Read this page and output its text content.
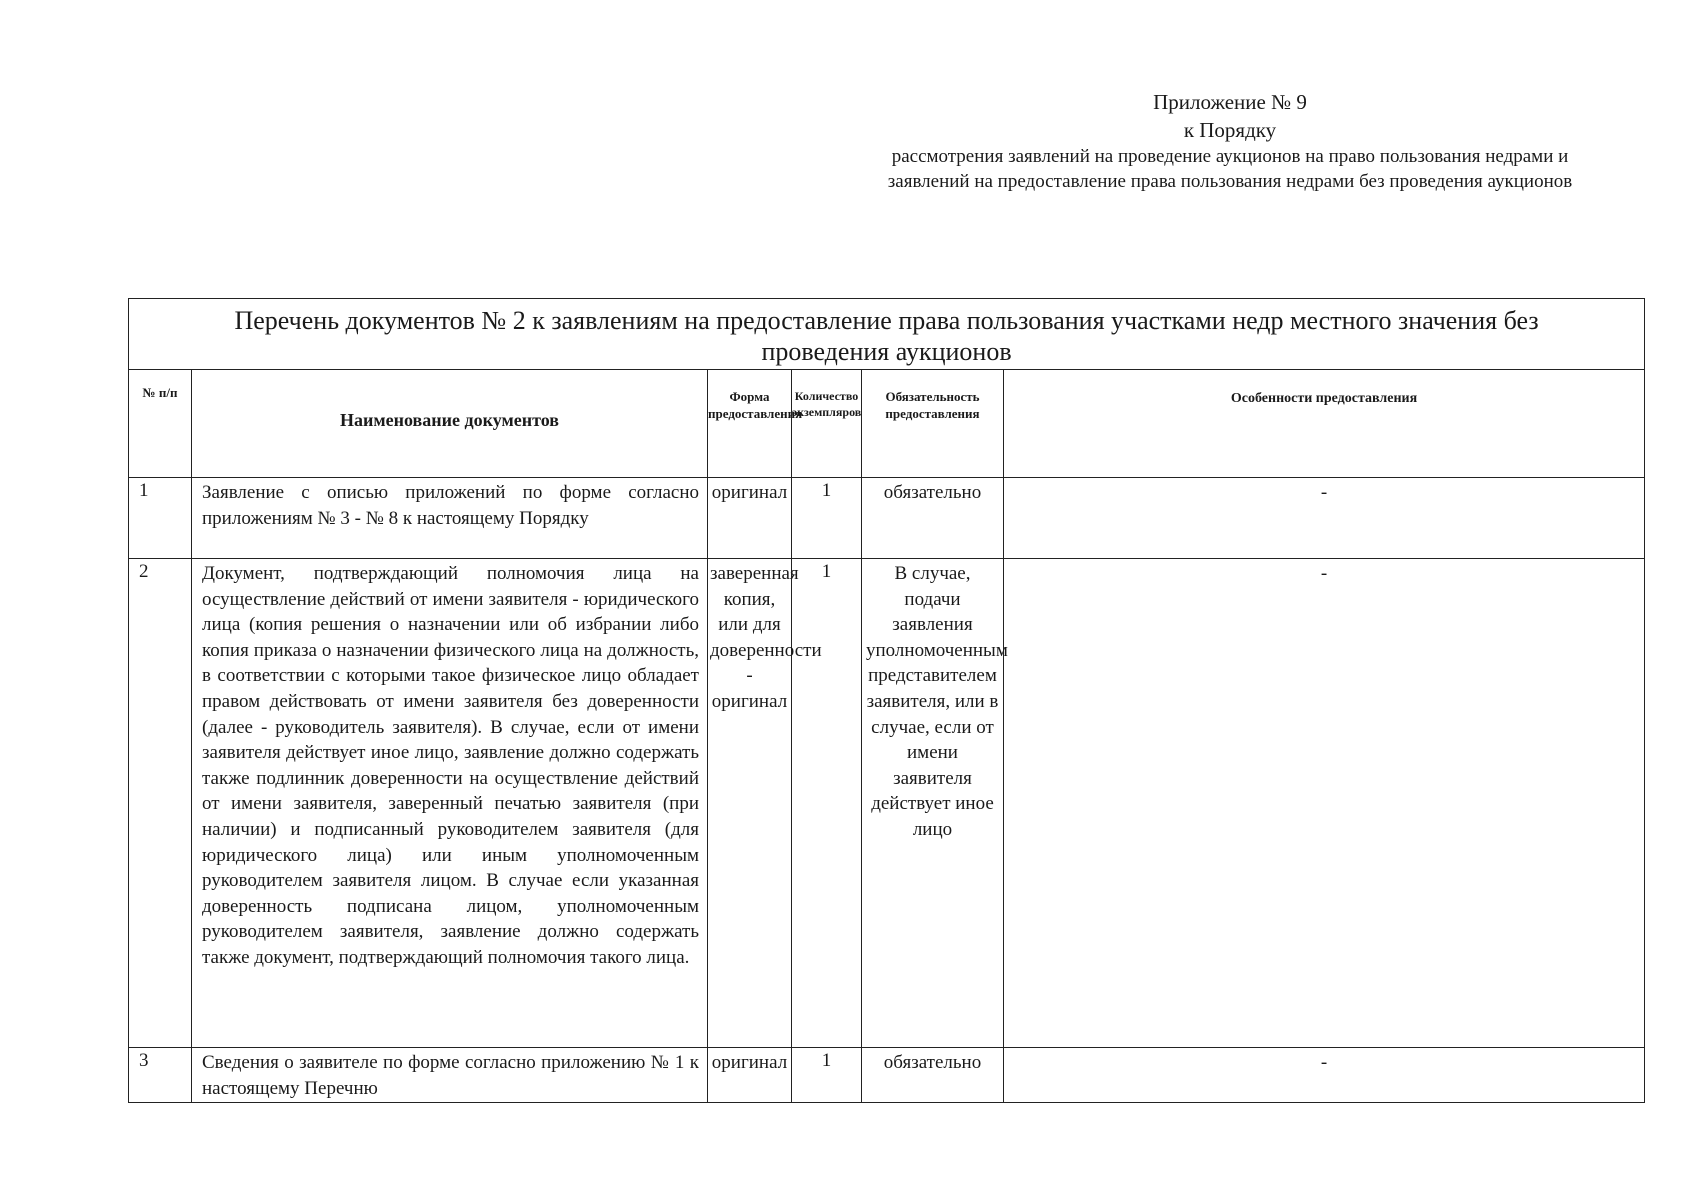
Приложение № 9
к Порядку
рассмотрения заявлений на проведение аукционов на право пользования недрами и
заявлений на предоставление права пользования недрами без проведения аукционов
Перечень документов № 2 к заявлениям на предоставление права пользования участками недр местного значения без проведения аукционов					
№ п/п	Наименование документов	Форма предоставления	Количество экземпляров	Обязательность предоставления	Особенности предоставления
1	Заявление с описью приложений по форме согласно приложениям № 3 - № 8 к настоящему Порядку	оригинал	1	обязательно	-
2	Документ, подтверждающий полномочия лица на осуществление действий от имени заявителя - юридического лица (копия решения о назначении или об избрании либо копия приказа о назначении физического лица на должность, в соответствии с которыми такое физическое лицо обладает правом действовать от имени заявителя без доверенности (далее - руководитель заявителя). В случае, если от имени заявителя действует иное лицо, заявление должно содержать также подлинник доверенности на осуществление действий от имени заявителя, заверенный печатью заявителя (при наличии) и подписанный руководителем заявителя (для юридического лица) или иным уполномоченным руководителем заявителя лицом. В случае если указанная доверенность подписана лицом, уполномоченным руководителем заявителя, заявление должно содержать также документ, подтверждающий полномочия такого лица.	заверенная копия, или для доверенности - оригинал	1	В случае, подачи заявления уполномоченным представителем заявителя, или в случае, если от имени заявителя действует иное лицо	-
3	Сведения о заявителе по форме согласно приложению № 1 к настоящему Перечню	оригинал	1	обязательно	-
